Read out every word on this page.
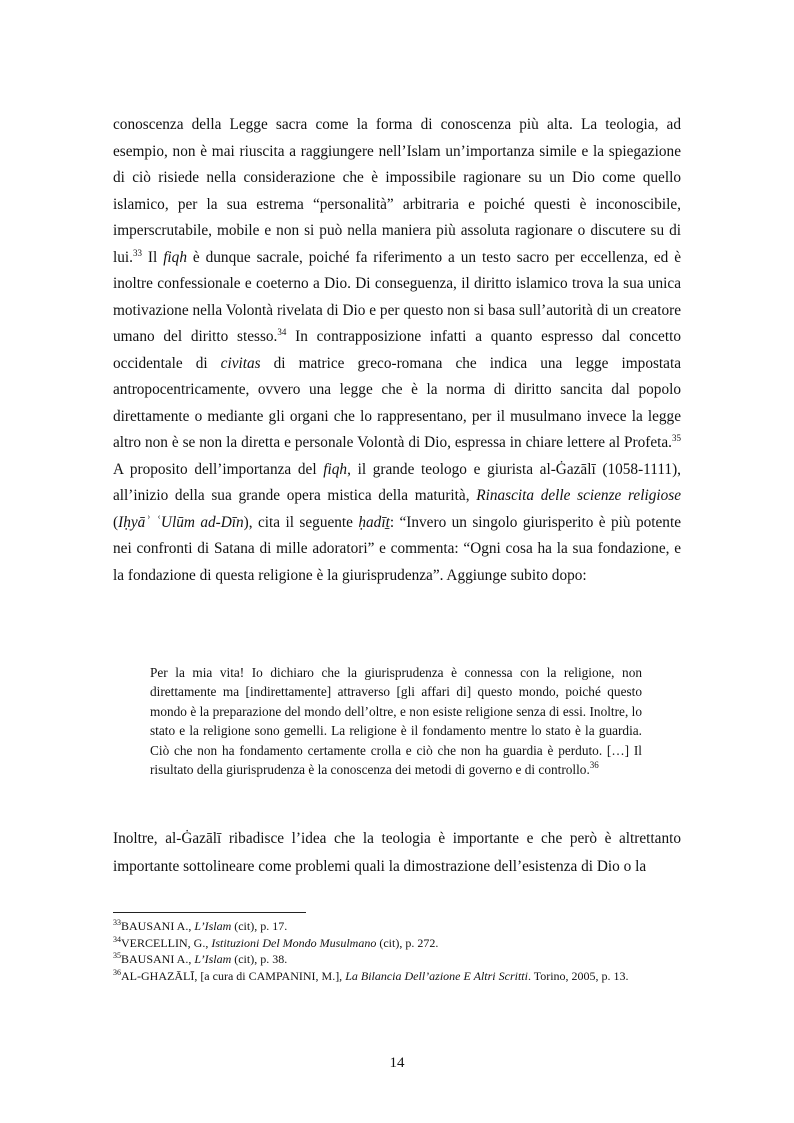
conoscenza della Legge sacra come la forma di conoscenza più alta. La teologia, ad esempio, non è mai riuscita a raggiungere nell’Islam un’importanza simile e la spiegazione di ciò risiede nella considerazione che è impossibile ragionare su un Dio come quello islamico, per la sua estrema “personalità” arbitraria e poiché questi è inconoscibile, imperscrutabile, mobile e non si può nella maniera più assoluta ragionare o discutere su di lui.$^{33}$ Il fiqh è dunque sacrale, poiché fa riferimento a un testo sacro per eccellenza, ed è inoltre confessionale e coeterno a Dio. Di conseguenza, il diritto islamico trova la sua unica motivazione nella Volontà rivelata di Dio e per questo non si basa sull’autorità di un creatore umano del diritto stesso.$^{34}$ In contrapposizione infatti a quanto espresso dal concetto occidentale di civitas di matrice greco-romana che indica una legge impostata antropocentricamente, ovvero una legge che è la norma di diritto sancita dal popolo direttamente o mediante gli organi che lo rappresentano, per il musulmano invece la legge altro non è se non la diretta e personale Volontà di Dio, espressa in chiare lettere al Profeta.$^{35}$ A proposito dell’importanza del fiqh, il grande teologo e giurista al-Ġazālī (1058-1111), all’inizio della sua grande opera mistica della maturità, Rinascita delle scienze religiose (Iḥyāʾ ʿUlūm ad-Dīn), cita il seguente ḥadīṯ: “Invero un singolo giurisperito è più potente nei confronti di Satana di mille adoratori” e commenta: “Ogni cosa ha la sua fondazione, e la fondazione di questa religione è la giurisprudenza”. Aggiunge subito dopo:

Per la mia vita! Io dichiaro che la giurisprudenza è connessa con la religione, non direttamente ma [indirettamente] attraverso [gli affari di] questo mondo, poiché questo mondo è la preparazione del mondo dell’oltre, e non esiste religione senza di essi. Inoltre, lo stato e la religione sono gemelli. La religione è il fondamento mentre lo stato è la guardia. Ciò che non ha fondamento certamente crolla e ciò che non ha guardia è perduto. […] Il risultato della giurisprudenza è la conoscenza dei metodi di governo e di controllo.$^{36}$
Inoltre, al-Ġazālī ribadisce l’idea che la teologia è importante e che però è altrettanto importante sottolineare come problemi quali la dimostrazione dell’esistenza di Dio o la

$^{33}$BAUSANI A., L’Islam (cit), p. 17.

$^{34}$VERCELLIN, G., Istituzioni Del Mondo Musulmano (cit), p. 272.

$^{35}$BAUSANI A., L’Islam (cit), p. 38.

$^{36}$AL-GHAZĀLĪ, [a cura di CAMPANINI, M.], La Bilancia Dell’azione E Altri Scritti. Torino, 2005, p. 13.

14
